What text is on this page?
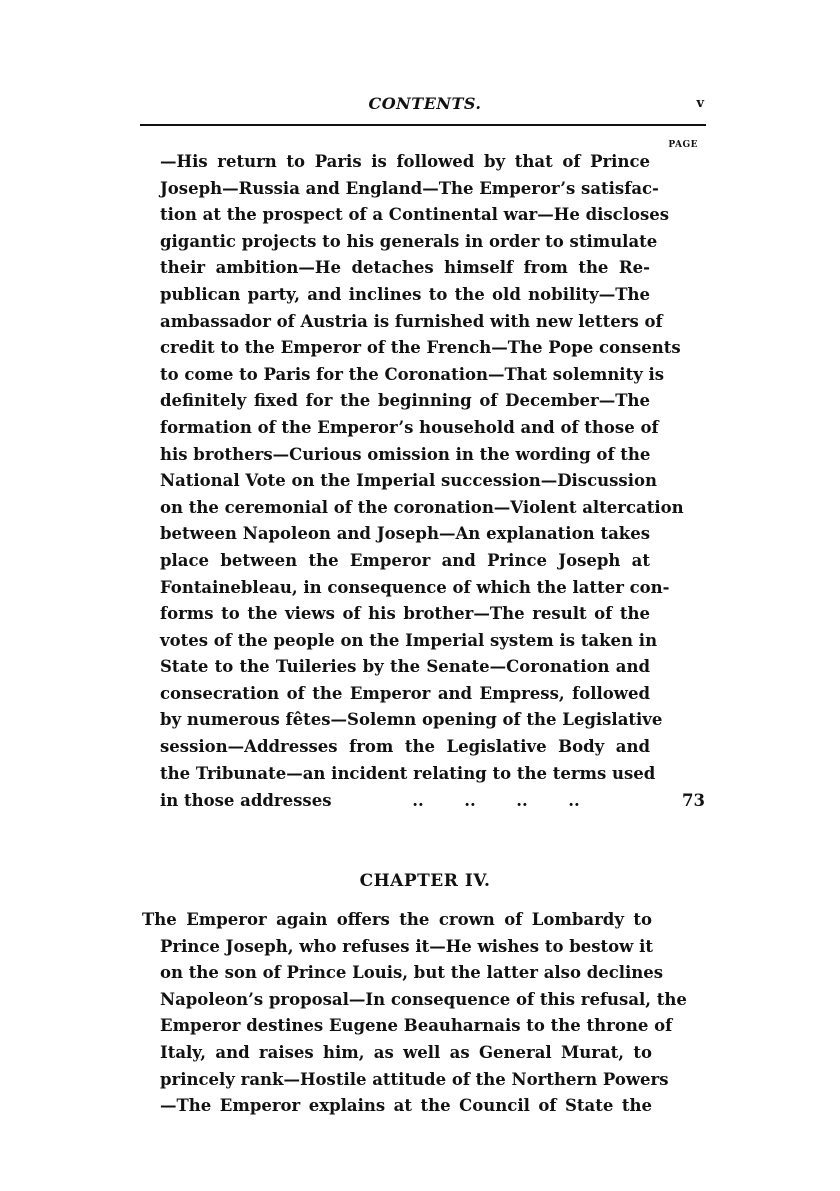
CONTENTS.	v
PAGE
—His return to Paris is followed by that of Prince
Joseph—Russia and England—The Emperor’s satisfac-
tion at the prospect of a Continental war—He discloses
gigantic projects to his generals in order to stimulate
their ambition—He detaches himself from the Re-
publican party, and inclines to the old nobility—The
ambassador of Austria is furnished with new letters of
credit to the Emperor of the French—The Pope consents
to come to Paris for the Coronation—That solemnity is
definitely fixed for the beginning of December—The
formation of the Emperor’s household and of those of
his brothers—Curious omission in the wording of the
National Vote on the Imperial succession—Discussion
on the ceremonial of the coronation—Violent altercation
between Napoleon and Joseph—An explanation takes
place between the Emperor and Prince Joseph at
Fontainebleau, in consequence of which the latter con-
forms to the views of his brother—The result of the
votes of the people on the Imperial system is taken in
State to the Tuileries by the Senate—Coronation and
consecration of the Emperor and Empress, followed
by numerous fêtes—Solemn opening of the Legislative
session—Addresses from the Legislative Body and
the Tribunate—an incident relating to the terms used
in those addresses	.. .. .. ..	73
CHAPTER IV.
The Emperor again offers the crown of Lombardy to
Prince Joseph, who refuses it—He wishes to bestow it
on the son of Prince Louis, but the latter also declines
Napoleon’s proposal—In consequence of this refusal, the
Emperor destines Eugene Beauharnais to the throne of
Italy, and raises him, as well as General Murat, to
princely rank—Hostile attitude of the Northern Powers
—The Emperor explains at the Council of State the
